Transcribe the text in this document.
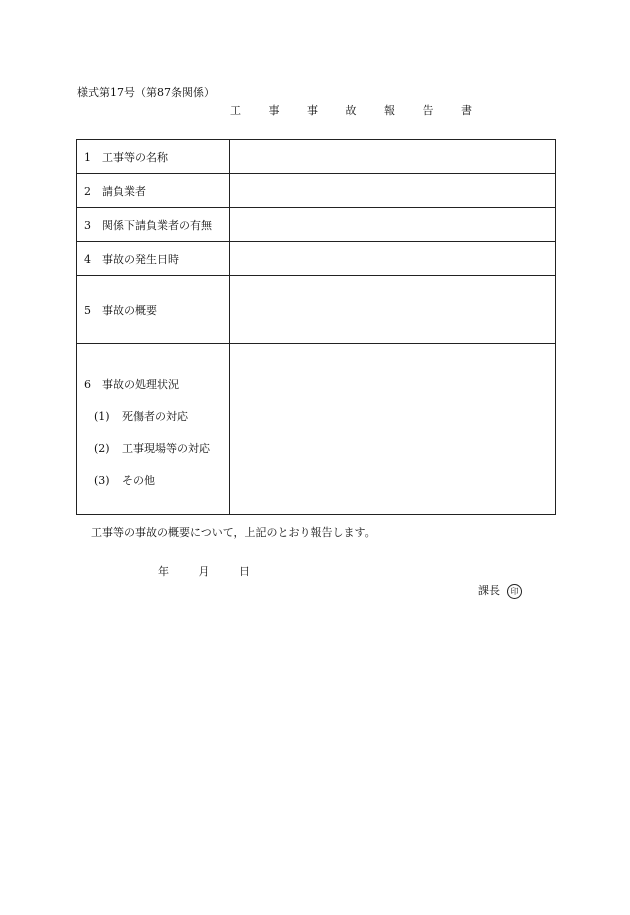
様式第17号（第87条関係）
工 事 事 故 報 告 書
1 工事等の名称	
2 請負業者	
3 関係下請負業者の有無	
4 事故の発生日時	
5 事故の概要	

6 事故の処理状況
(1) 死傷者の対応
(2) 工事現場等の対応
(3) その他	

工事等の事故の概要について，上記のとおり報告します。
年	月	日
課長 印
